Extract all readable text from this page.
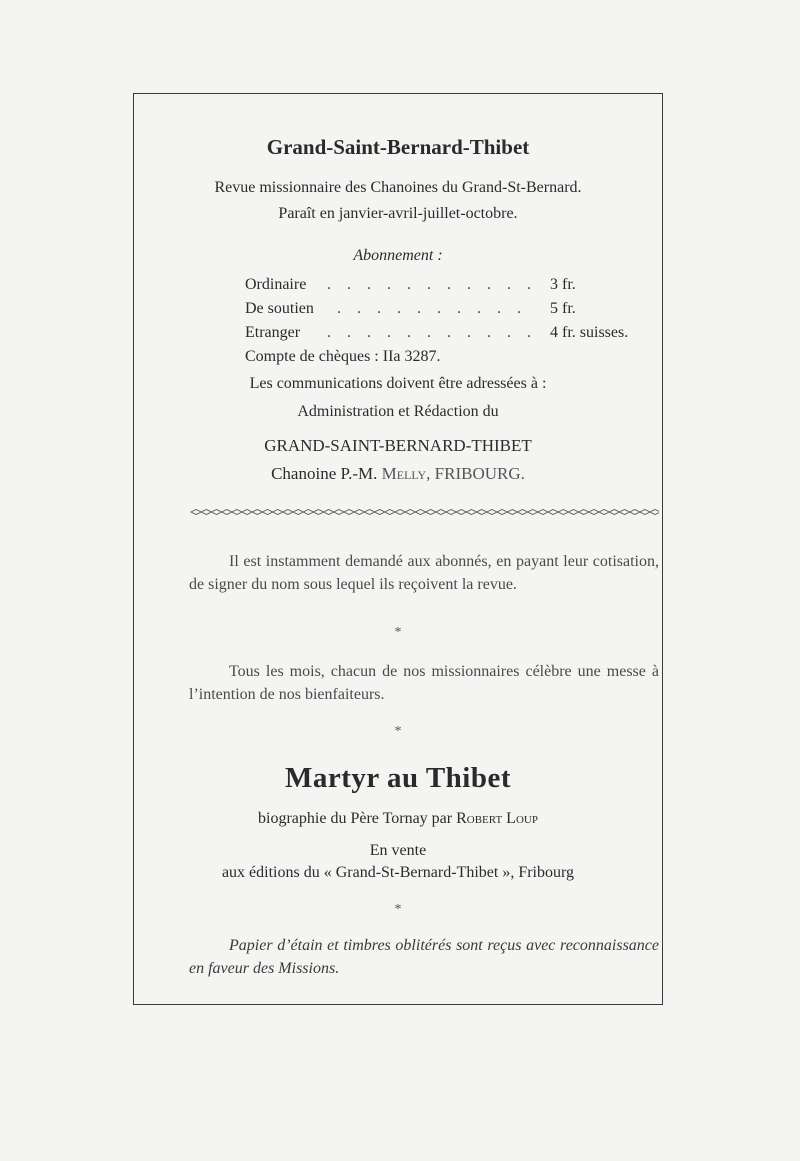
Grand-Saint-Bernard-Thibet
Revue missionnaire des Chanoines du Grand-St-Bernard.
Paraît en janvier-avril-juillet-octobre.
Abonnement :
Ordinaire . . . . . . . . . . . 3 fr.
De soutien . . . . . . . . . . 5 fr.
Etranger . . . . . . . . . . . 4 fr. suisses.
Compte de chèques : IIa 3287.
Les communications doivent être adressées à :
Administration et Rédaction du
GRAND-SAINT-BERNARD-THIBET
Chanoine P.-M. Melly, FRIBOURG.
Il est instamment demandé aux abonnés, en payant leur cotisation, de signer du nom sous lequel ils reçoivent la revue.
*
Tous les mois, chacun de nos missionnaires célèbre une messe à l’intention de nos bienfaiteurs.
*
Martyr au Thibet
biographie du Père Tornay par Robert Loup
En vente
aux éditions du « Grand-St-Bernard-Thibet », Fribourg
*
Papier d’étain et timbres oblitérés sont reçus avec reconnaissance en faveur des Missions.
